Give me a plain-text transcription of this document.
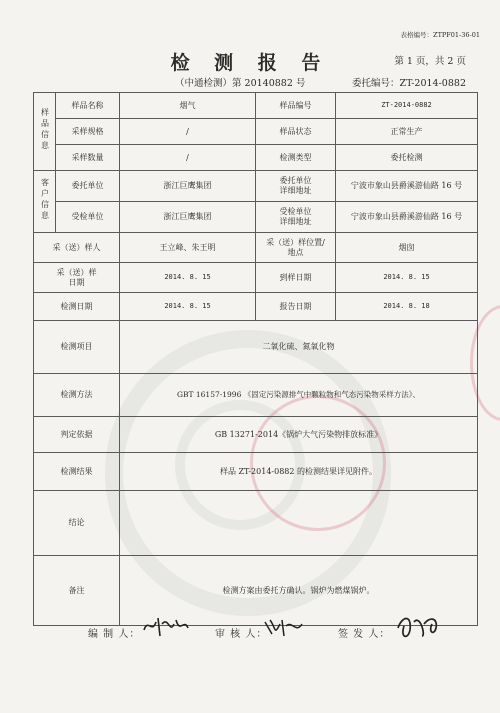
表格编号：ZTPF01-36-01
检 测 报 告	第 1 页，共 2 页
（中通检测）第 20140882 号	委托编号：ZT-2014-0882
样品信息	样品名称	烟气	样品编号	ZT-2014-0882
	采样规格	/	样品状态	正常生产
	采样数量	/	检测类型	委托检测
客户信息	委托单位	浙江巨鹰集团	委托单位详细地址	宁波市象山县爵溪游仙路 16 号
	受检单位	浙江巨鹰集团	受检单位详细地址	宁波市象山县爵溪游仙路 16 号
采（送）样人		王立峰、朱王明	采（送）样位置/地点	烟囱
采（送）样日期		2014. 8. 15	到样日期	2014. 8. 15
检测日期		2014. 8. 15	报告日期	2014. 8. 18
检测项目		二氧化硫、氮氧化物		
检测方法		GBT 16157-1996 《固定污染源排气中颗粒物和气态污染物采样方法》、		
判定依据		GB 13271-2014《锅炉大气污染物排放标准》		
检测结果		样品 ZT-2014-0882 的检测结果详见附件。		
结论				
备注		检测方案由委托方确认。锅炉为燃煤锅炉。		
编 制 人：	审 核 人：	签 发 人：
